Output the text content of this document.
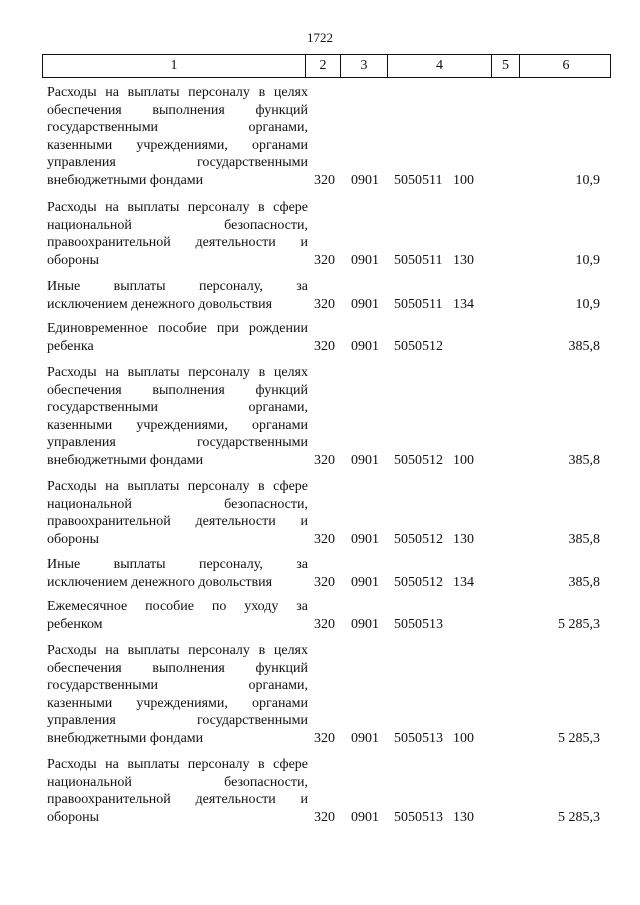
1722
1	2	3	4	5	6
Расходы на выплаты персоналу в целях
обеспечения выполнения функций
государственными органами,
казенными учреждениями, органами
управления государственными
внебюджетными фондами	320 0901 5050511 100	10,9
Расходы на выплаты персоналу в сфере
национальной безопасности,
правоохранительной деятельности и
обороны	320 0901 5050511 130	10,9
Иные выплаты персоналу, за
исключением денежного довольствия	320 0901 5050511 134	10,9
Единовременное пособие при рождении
ребенка	320 0901 5050512	385,8
Расходы на выплаты персоналу в целях
обеспечения выполнения функций
государственными органами,
казенными учреждениями, органами
управления государственными
внебюджетными фондами	320 0901 5050512 100	385,8
Расходы на выплаты персоналу в сфере
национальной безопасности,
правоохранительной деятельности и
обороны	320 0901 5050512 130	385,8
Иные выплаты персоналу, за
исключением денежного довольствия	320 0901 5050512 134	385,8
Ежемесячное пособие по уходу за
ребенком	320 0901 5050513	5 285,3
Расходы на выплаты персоналу в целях
обеспечения выполнения функций
государственными органами,
казенными учреждениями, органами
управления государственными
внебюджетными фондами	320 0901 5050513 100	5 285,3
Расходы на выплаты персоналу в сфере
национальной безопасности,
правоохранительной деятельности и
обороны	320 0901 5050513 130	5 285,3
